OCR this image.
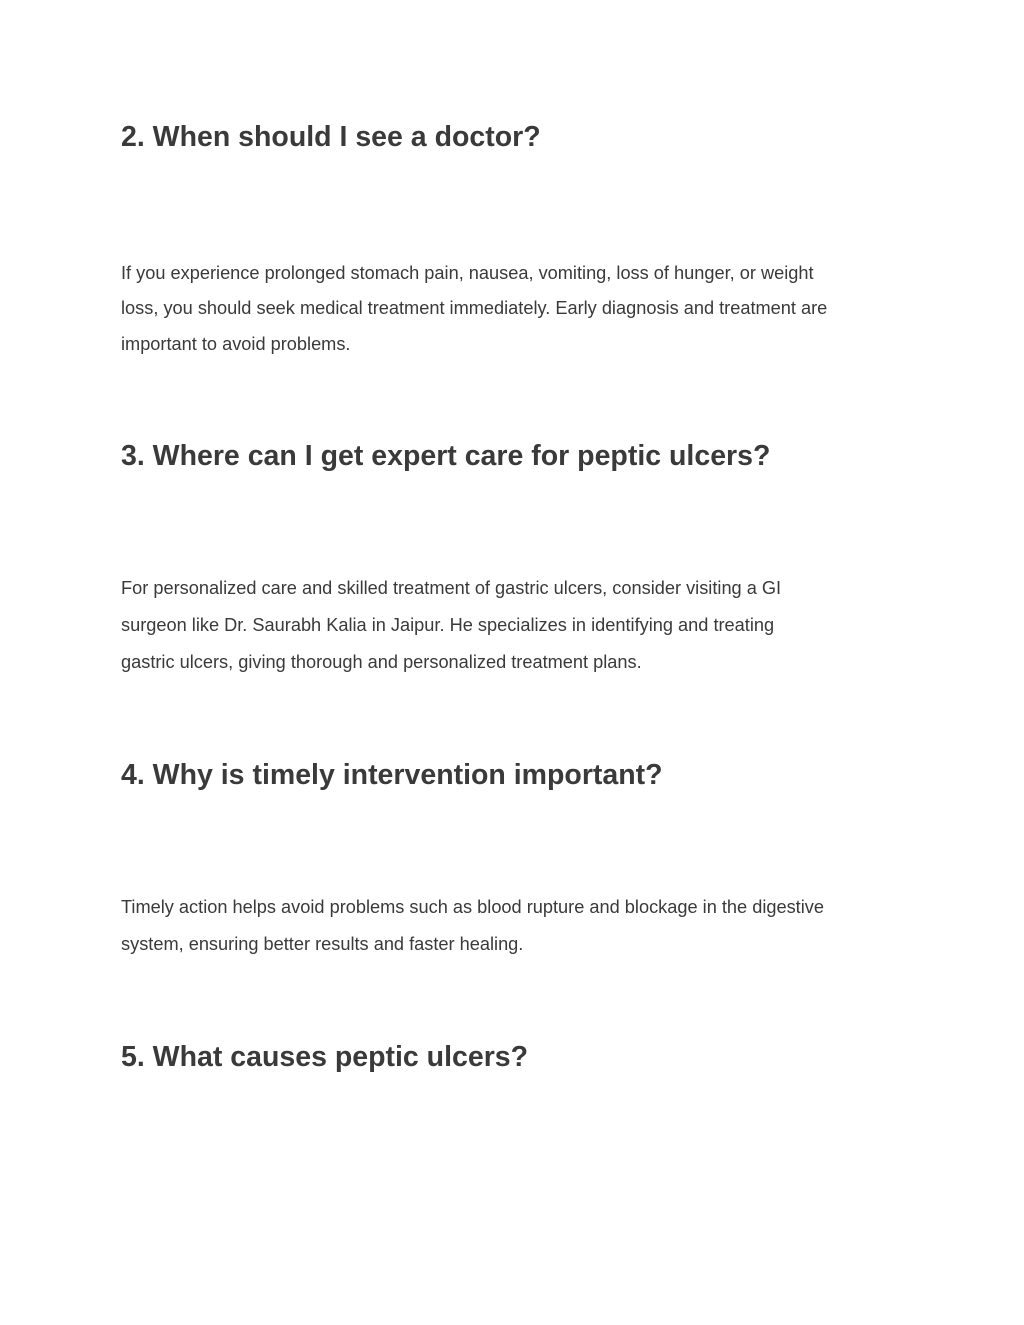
2. When should I see a doctor?

If you experience prolonged stomach pain, nausea, vomiting, loss of hunger, or weight
loss, you should seek medical treatment immediately. Early diagnosis and treatment are
important to avoid problems.

3. Where can I get expert care for peptic ulcers?

For personalized care and skilled treatment of gastric ulcers, consider visiting a GI
surgeon like Dr. Saurabh Kalia in Jaipur. He specializes in identifying and treating
gastric ulcers, giving thorough and personalized treatment plans.

4. Why is timely intervention important?

Timely action helps avoid problems such as blood rupture and blockage in the digestive
system, ensuring better results and faster healing.

5. What causes peptic ulcers?
